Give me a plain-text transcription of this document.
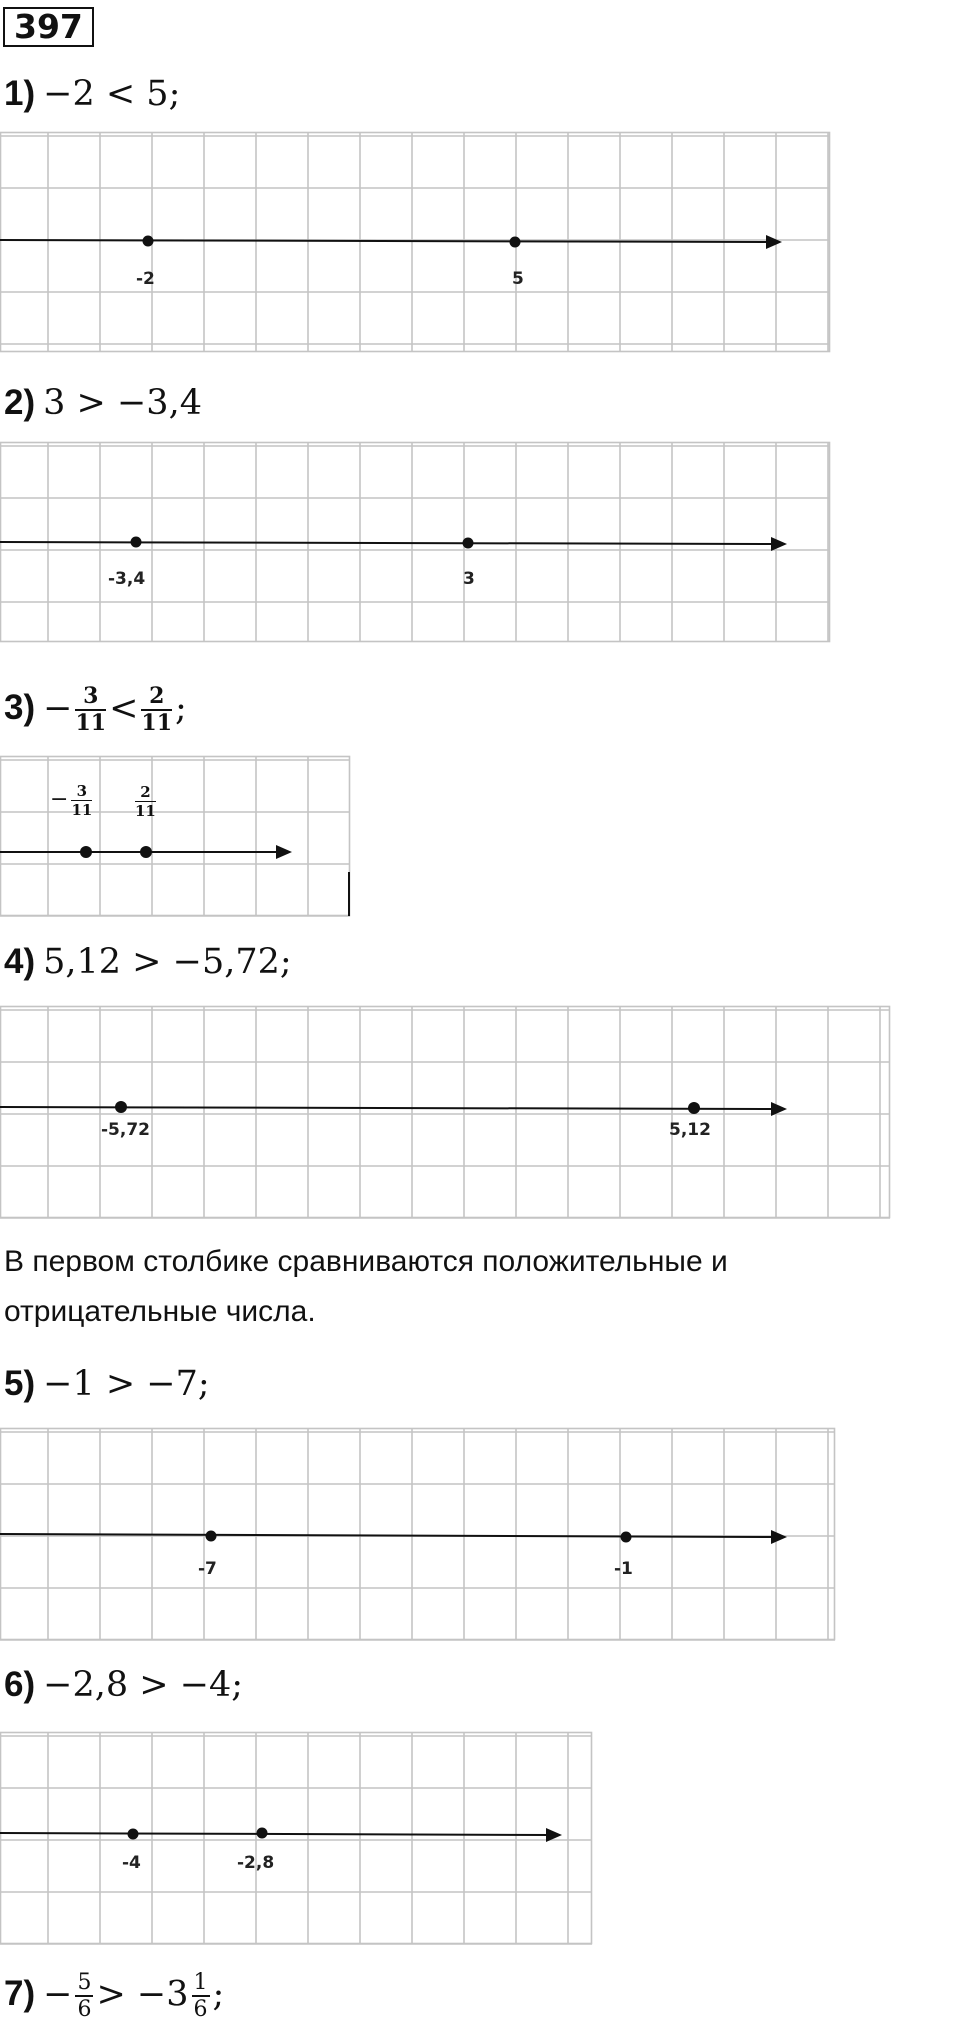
397
1) −2 < 5;
-2	5
2) 3 > −3,4
-3,4	3
$3) - \frac{3}{11} < \frac{2}{11}$ ;
− $\frac{3}{11}$	$\frac{2}{11}$
4) 5,12 > −5,72;
-5,72	5,12
В первом столбике сравниваются положительные и отрицательные числа.
5) −1 > −7;
-7	-1
6) −2,8 > −4;
-4	-2,8
$7) - \frac{5}{6} > -3 \frac{1}{6}$ ;
